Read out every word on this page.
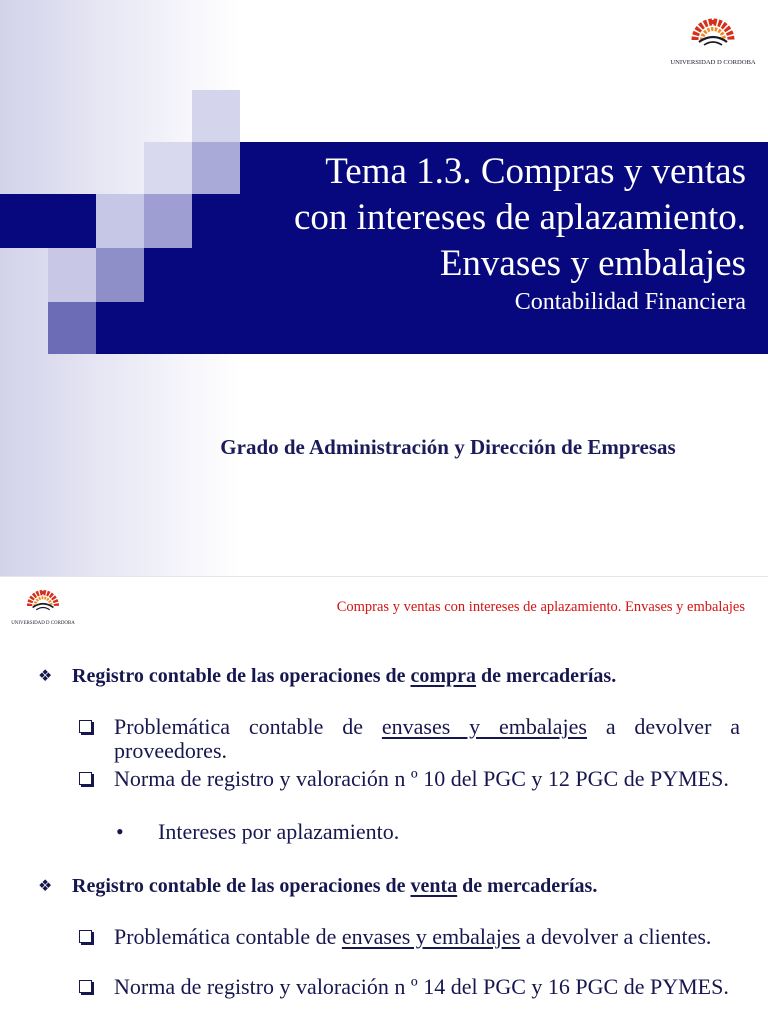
Tema 1.3. Compras y ventas
con intereses de aplazamiento.
Envases y embalajes
Contabilidad Financiera
UNIVERSIDAD D CORDOBA
Grado de Administración y Dirección de Empresas
UNIVERSIDAD D CORDOBA
Compras y ventas con intereses de aplazamiento. Envases y embalajes
❖ Registro contable de las operaciones de compra de mercaderías.
Problemática contable de envases y embalajes a devolver a proveedores.
Norma de registro y valoración n º 10 del PGC y 12 PGC de PYMES.
• Intereses por aplazamiento.
❖ Registro contable de las operaciones de venta de mercaderías.
Problemática contable de envases y embalajes a devolver a clientes.
Norma de registro y valoración n º 14 del PGC y 16 PGC de PYMES.
